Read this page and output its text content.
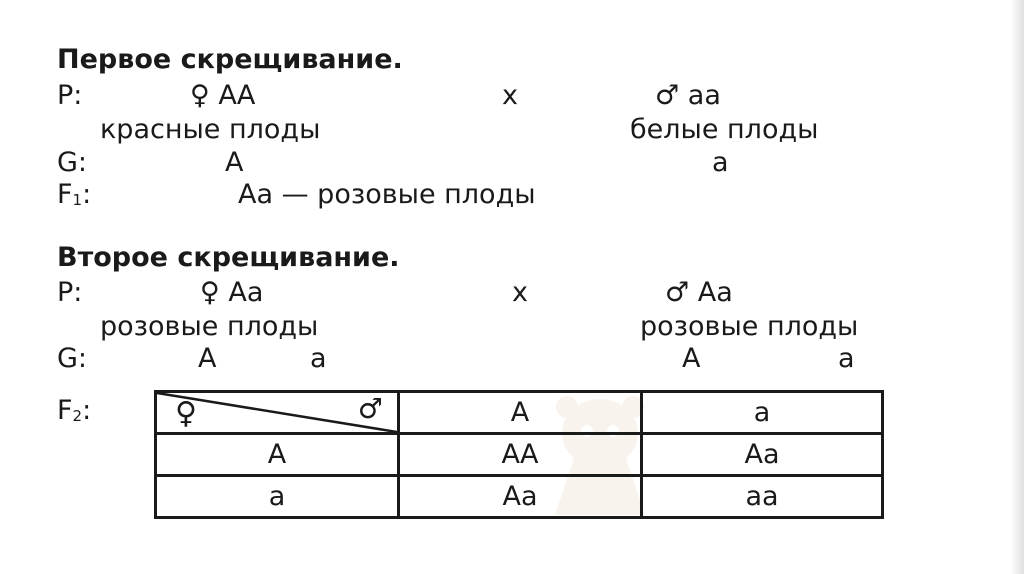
Первое скрещивание.
P:	♀ АА	х	♂ аа
красные плоды	белые плоды
G:	А	а
F1:	Аа — розовые плоды
Второе скрещивание.
P:	♀ Аа	х	♂ Аа
розовые плоды	розовые плоды
G:	А	а	А	а
F2:	♀ ♂	А	а
А	АА	Аа
а	Аа	аа
